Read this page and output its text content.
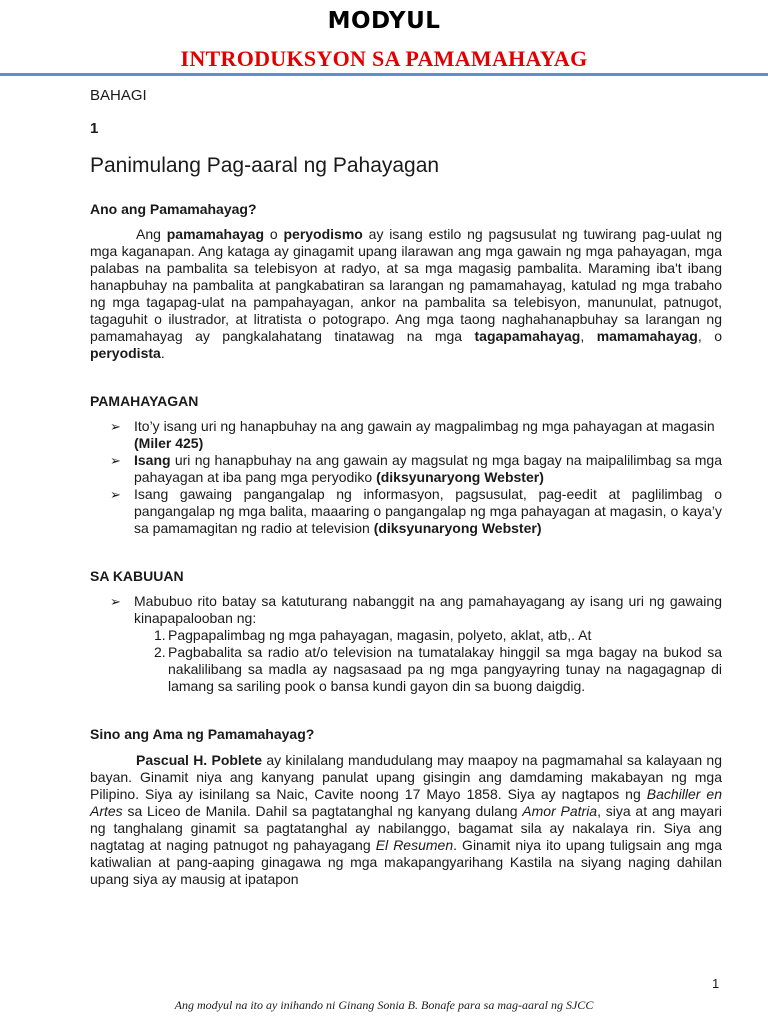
MODYUL
INTRODUKSYON SA PAMAMAHAYAG

BAHAGI

1

Panimulang Pag-aaral ng Pahayagan

Ano ang Pamamahayag?

Ang pamamahayag o peryodismo ay isang estilo ng pagsusulat ng tuwirang pag-uulat ng mga kaganapan. Ang kataga ay ginagamit upang ilarawan ang mga gawain ng mga pahayagan, mga palabas na pambalita sa telebisyon at radyo, at sa mga magasig pambalita. Maraming iba't ibang hanapbuhay na pambalita at pangkabatiran sa larangan ng pamamahayag, katulad ng mga trabaho ng mga tagapag-ulat na pampahayagan, ankor na pambalita sa telebisyon, manunulat, patnugot, tagaguhit o ilustrador, at litratista o potograpo. Ang mga taong naghahanapbuhay sa larangan ng pamamahayag ay pangkalahatang tinatawag na mga tagapamahayag, mamamahayag, o peryodista.

PAMAHAYAGAN

➢ Ito’y isang uri ng hanapbuhay na ang gawain ay magpalimbag ng mga pahayagan at magasin
(Miler 425)
➢ Isang uri ng hanapbuhay na ang gawain ay magsulat ng mga bagay na maipalilimbag sa mga pahayagan at iba pang mga peryodiko (diksyunaryong Webster)
➢ Isang gawaing pangangalap ng informasyon, pagsusulat, pag-eedit at paglilimbag o pangangalap ng mga balita, maaaring o pangangalap ng mga pahayagan at magasin, o kaya’y sa pamamagitan ng radio at television (diksyunaryong Webster)

SA KABUUAN

➢ Mabubuo rito batay sa katuturang nabanggit na ang pamahayagang ay isang uri ng gawaing kinapapalooban ng:
1. Pagpapalimbag ng mga pahayagan, magasin, polyeto, aklat, atb,. At
2. Pagbabalita sa radio at/o television na tumatalakay hinggil sa mga bagay na bukod sa nakalilibang sa madla ay nagsasaad pa ng mga pangyayring tunay na nagagagnap di lamang sa sariling pook o bansa kundi gayon din sa buong daigdig.

Sino ang Ama ng Pamamahayag?

Pascual H. Poblete ay kinilalang mandudulang may maapoy na pagmamahal sa kalayaan ng bayan. Ginamit niya ang kanyang panulat upang gisingin ang damdaming makabayan ng mga Pilipino. Siya ay isinilang sa Naic, Cavite noong 17 Mayo 1858. Siya ay nagtapos ng Bachiller en Artes sa Liceo de Manila. Dahil sa pagtatanghal ng kanyang dulang Amor Patria, siya at ang mayari ng tanghalang ginamit sa pagtatanghal ay nabilanggo, bagamat sila ay nakalaya rin. Siya ang nagtatag at naging patnugot ng pahayagang El Resumen. Ginamit niya ito upang tuligsain ang mga katiwalian at pang-aaping ginagawa ng mga makapangyarihang Kastila na siyang naging dahilan upang siya ay mausig at ipatapon

1
Ang modyul na ito ay inihando ni Ginang Sonia B. Bonafe para sa mag-aaral ng SJCC
